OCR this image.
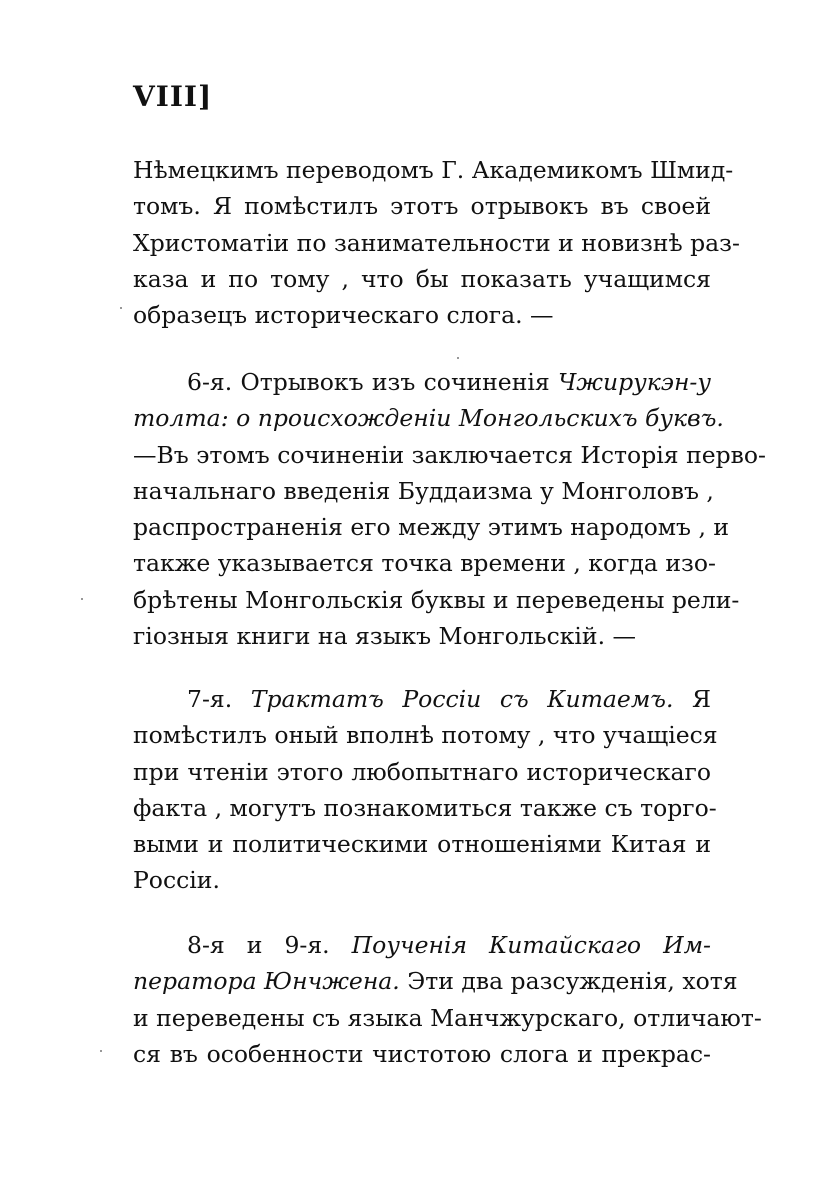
VIII]
Нѣмецкимъ переводомъ Г. Академикомъ Шмид-
томъ. Я помѣстилъ этотъ отрывокъ въ своей
Христоматіи по занимательности и новизнѣ раз-
каза и по тому , что бы показать учащимся
образецъ историческаго слога. —
6-я. Отрывокъ изъ сочиненія Чжирукэн-у
толта: о происхожденіи Монгольскихъ буквъ.
—Въ этомъ сочиненіи заключается Исторія перво-
начальнаго введенія Буддаизма у Монголовъ ,
распространенія его между этимъ народомъ , и
также указывается точка времени , когда изо-
брѣтены Монгольскія буквы и переведены рели-
гіозныя книги на языкъ Монгольскій. —
7-я. Трактатъ Россіи съ Китаемъ. Я
помѣстилъ оный вполнѣ потому , что учащіеся
при чтеніи этого любопытнаго историческаго
факта , могутъ познакомиться также съ торго-
выми и политическими отношеніями Китая и
Россіи.
8-я и 9-я. Поученія Китайскаго Им-
ператора Юнчжена. Эти два разсужденія, хотя
и переведены съ языка Манчжурскаго, отличают-
ся въ особенности чистотою слога и прекрас-
